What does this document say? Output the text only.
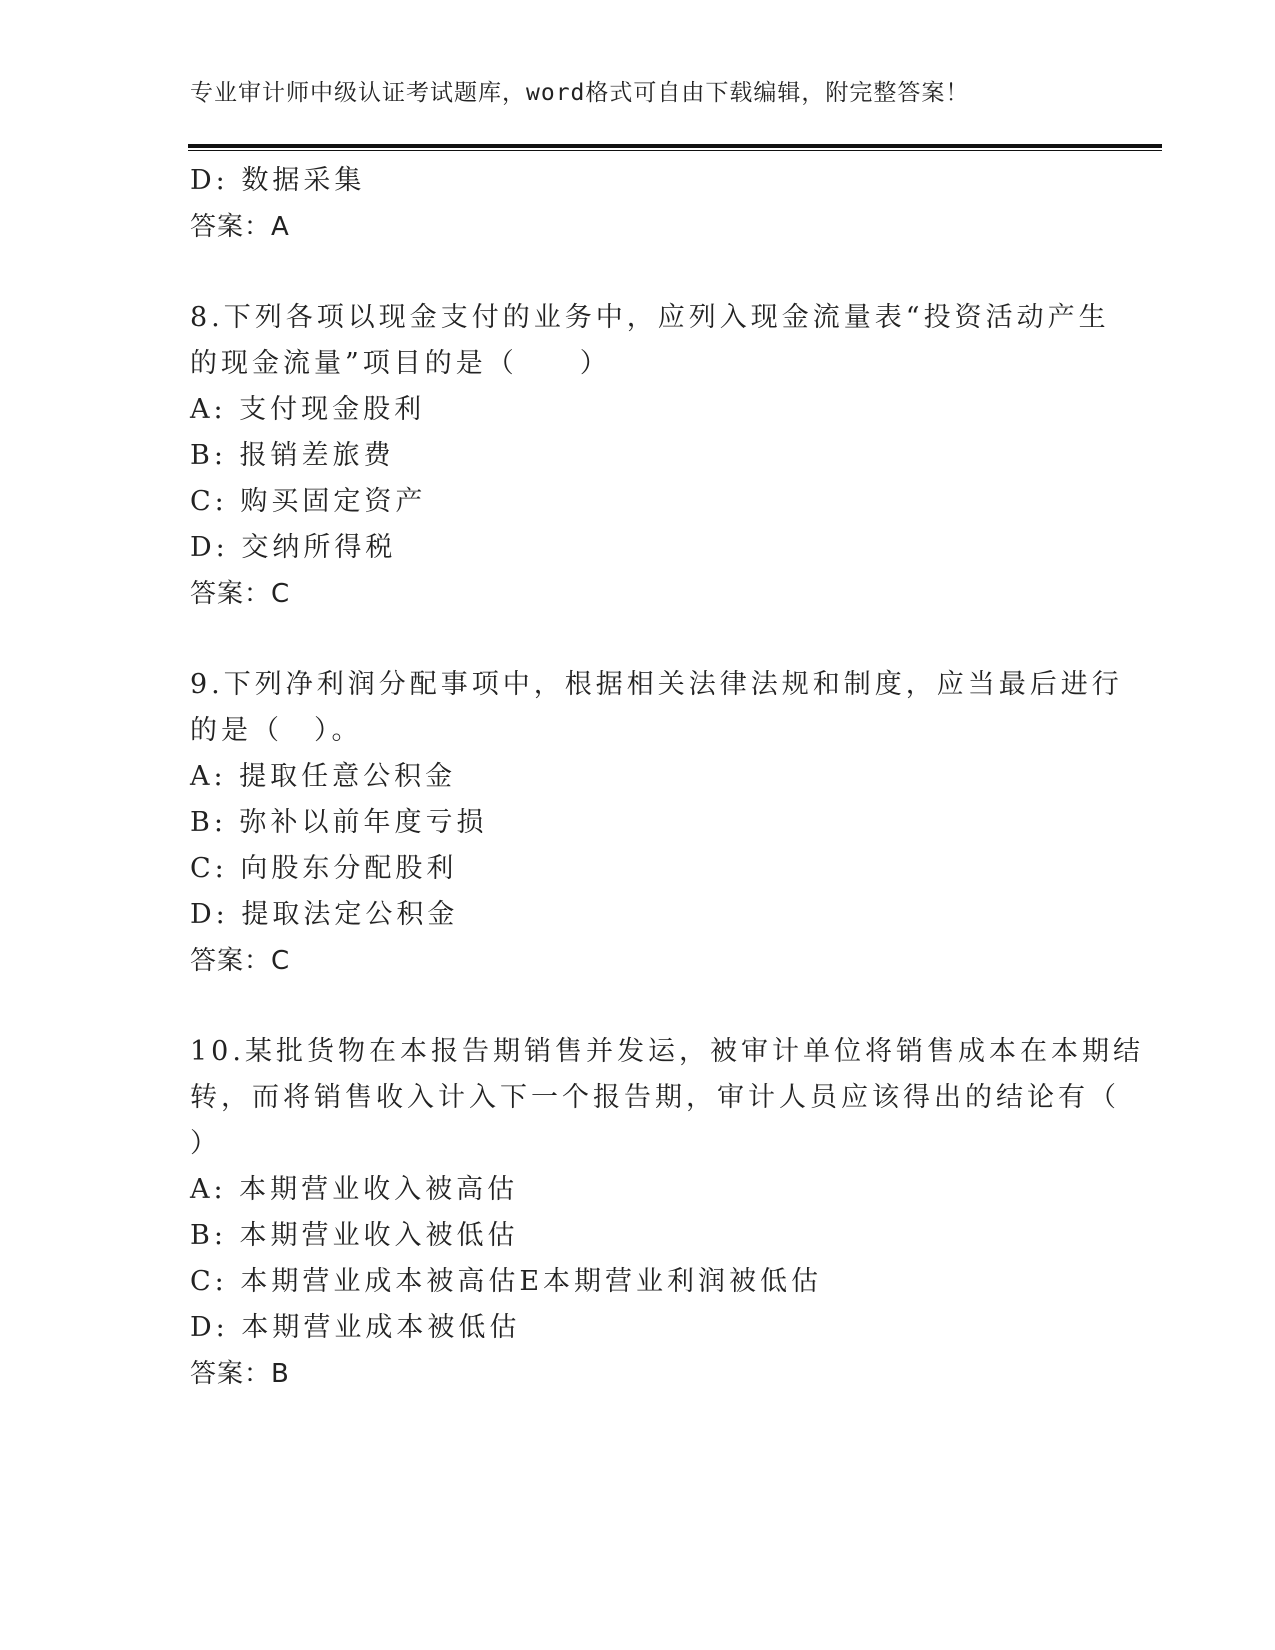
专业审计师中级认证考试题库，word格式可自由下载编辑，附完整答案！
D: 数据采集
答案：A
8.下列各项以现金支付的业务中，应列入现金流量表“投资活动产生
的现金流量”项目的是（　　）
A: 支付现金股利
B: 报销差旅费
C: 购买固定资产
D: 交纳所得税
答案：C
9.下列净利润分配事项中，根据相关法律法规和制度，应当最后进行
的是（　）。
A: 提取任意公积金
B: 弥补以前年度亏损
C: 向股东分配股利
D: 提取法定公积金
答案：C
10.某批货物在本报告期销售并发运，被审计单位将销售成本在本期结
转，而将销售收入计入下一个报告期，审计人员应该得出的结论有（
）
A: 本期营业收入被高估
B: 本期营业收入被低估
C: 本期营业成本被高估E本期营业利润被低估
D: 本期营业成本被低估
答案：B
